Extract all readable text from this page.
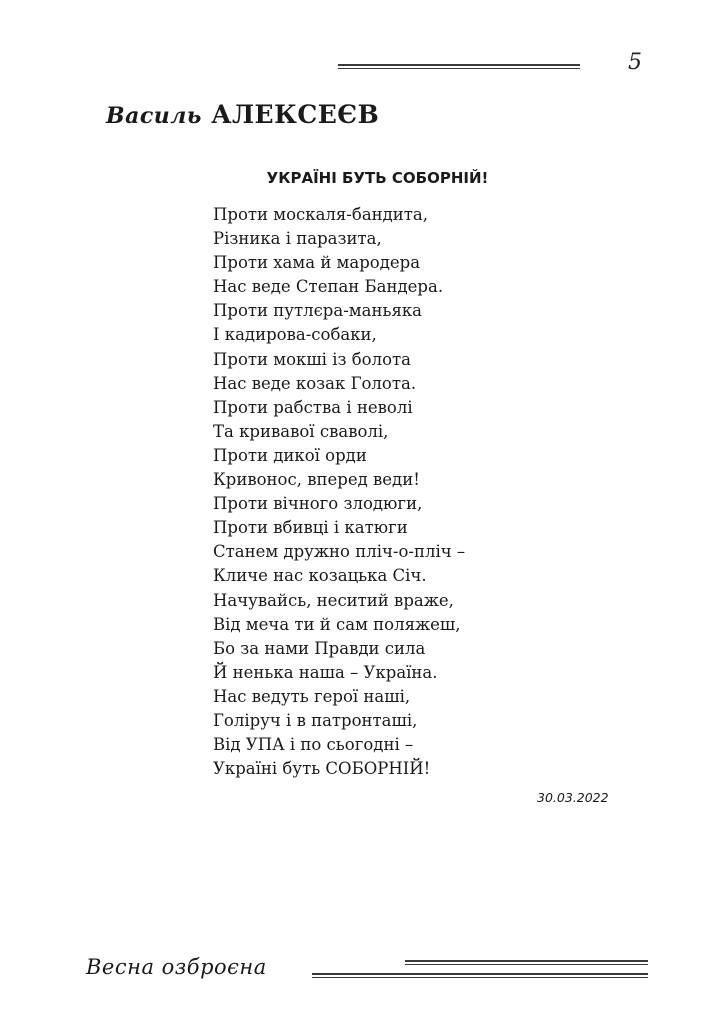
5
Василь АЛЕКСЕЄВ
УКРАЇНІ БУТЬ СОБОРНІЙ!
Проти москаля-бандита,
Різника і паразита,
Проти хама й мародера
Нас веде Степан Бандера.
Проти путлєра-маньяка
І кадирова-собаки,
Проти мокші із болота
Нас веде козак Голота.
Проти рабства і неволі
Та кривавої сваволі,
Проти дикої орди
Кривонос, вперед веди!
Проти вічного злодюги,
Проти вбивці і катюги
Станем дружно пліч-о-пліч –
Кличе нас козацька Січ.
Начувайсь, неситий враже,
Від меча ти й сам поляжеш,
Бо за нами Правди сила
Й ненька наша – Україна.
Нас ведуть герої наші,
Голіруч і в патронташі,
Від УПА і по сьогодні –
Україні буть СОБОРНІЙ!
30.03.2022
Весна озброєна
